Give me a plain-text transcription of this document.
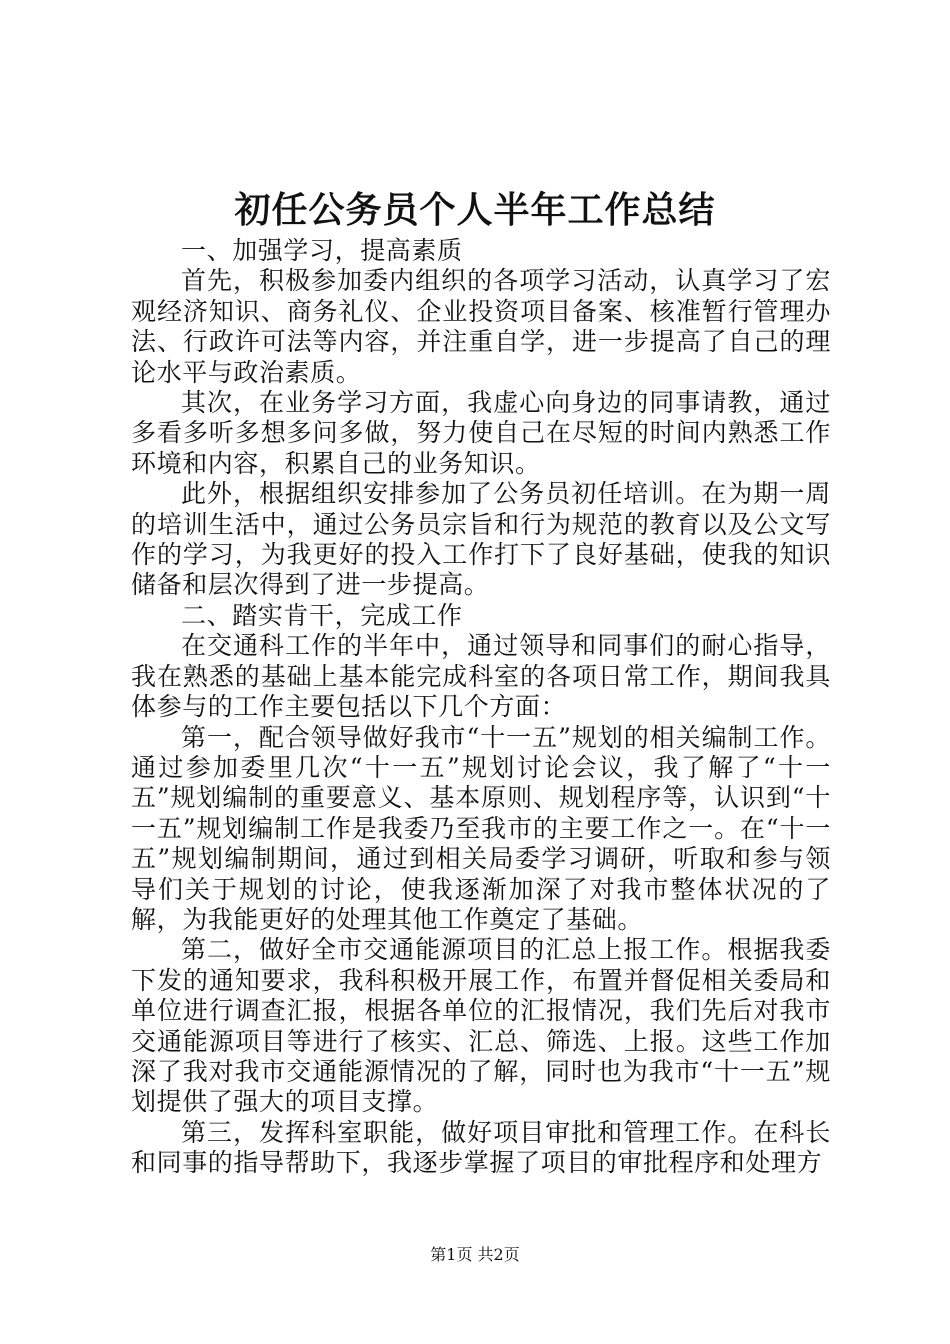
初任公务员个人半年工作总结

一、加强学习，提高素质

首先，积极参加委内组织的各项学习活动，认真学习了宏观经济知识、商务礼仪、企业投资项目备案、核准暂行管理办法、行政许可法等内容，并注重自学，进一步提高了自己的理论水平与政治素质。

其次，在业务学习方面，我虚心向身边的同事请教，通过多看多听多想多问多做，努力使自己在尽短的时间内熟悉工作环境和内容，积累自己的业务知识。

此外，根据组织安排参加了公务员初任培训。在为期一周的培训生活中，通过公务员宗旨和行为规范的教育以及公文写作的学习，为我更好的投入工作打下了良好基础，使我的知识储备和层次得到了进一步提高。

二、踏实肯干，完成工作

在交通科工作的半年中，通过领导和同事们的耐心指导，我在熟悉的基础上基本能完成科室的各项日常工作，期间我具体参与的工作主要包括以下几个方面：

第一，配合领导做好我市“十一五”规划的相关编制工作。通过参加委里几次“十一五”规划讨论会议，我了解了“十一五”规划编制的重要意义、基本原则、规划程序等，认识到“十一五”规划编制工作是我委乃至我市的主要工作之一。在“十一五”规划编制期间，通过到相关局委学习调研，听取和参与领导们关于规划的讨论，使我逐渐加深了对我市整体状况的了解，为我能更好的处理其他工作奠定了基础。

第二，做好全市交通能源项目的汇总上报工作。根据我委下发的通知要求，我科积极开展工作，布置并督促相关委局和单位进行调查汇报，根据各单位的汇报情况，我们先后对我市交通能源项目等进行了核实、汇总、筛选、上报。这些工作加深了我对我市交通能源情况的了解，同时也为我市“十一五”规划提供了强大的项目支撑。

第三，发挥科室职能，做好项目审批和管理工作。在科长和同事的指导帮助下，我逐步掌握了项目的审批程序和处理方

第1页 共2页
